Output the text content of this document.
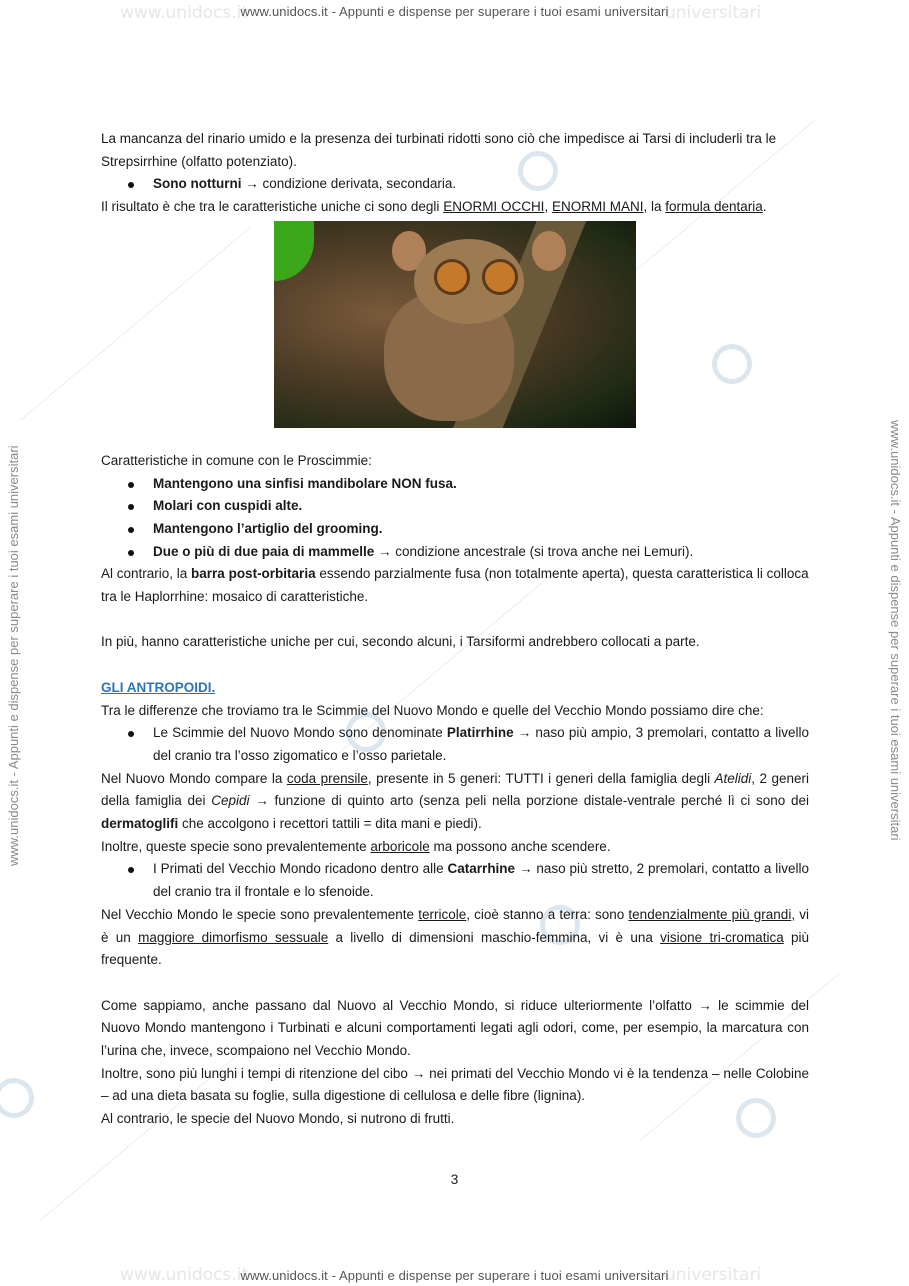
www.unidocs.it	universitari
www.unidocs.it - Appunti e dispense per superare i tuoi esami universitari
www.unidocs.it	universitari
www.unidocs.it - Appunti e dispense per superare i tuoi esami universitari
www.unidocs.it - Appunti e dispense per superare i tuoi esami universitari	www.unidocs.it - Appunti e dispense per superare i tuoi esami universitari

La mancanza del rinario umido e la presenza dei turbinati ridotti sono ciò che impedisce ai Tarsi di includerli tra le Strepsirrhine (olfatto potenziato).

Sono notturni → condizione derivata, secondaria.

Il risultato è che tra le caratteristiche uniche ci sono degli ENORMI OCCHI, ENORMI MANI, la formula dentaria.

Caratteristiche in comune con le Proscimmie:

Mantengono una sinfisi mandibolare NON fusa.

Molari con cuspidi alte.

Mantengono l’artiglio del grooming.

Due o più di due paia di mammelle → condizione ancestrale (si trova anche nei Lemuri).

Al contrario, la barra post-orbitaria essendo parzialmente fusa (non totalmente aperta), questa caratteristica li colloca tra le Haplorrhine: mosaico di caratteristiche.

In più, hanno caratteristiche uniche per cui, secondo alcuni, i Tarsiformi andrebbero collocati a parte.

GLI ANTROPOIDI.

Tra le differenze che troviamo tra le Scimmie del Nuovo Mondo e quelle del Vecchio Mondo possiamo dire che:

Le Scimmie del Nuovo Mondo sono denominate Platirrhine → naso più ampio, 3 premolari, contatto a livello del cranio tra l’osso zigomatico e l’osso parietale.

Nel Nuovo Mondo compare la coda prensile, presente in 5 generi: TUTTI i generi della famiglia degli Atelidi, 2 generi della famiglia dei Cepidi → funzione di quinto arto (senza peli nella porzione distale-ventrale perché lì ci sono dei dermatoglifi che accolgono i recettori tattili = dita mani e piedi).

Inoltre, queste specie sono prevalentemente arboricole ma possono anche scendere.

I Primati del Vecchio Mondo ricadono dentro alle Catarrhine → naso più stretto, 2 premolari, contatto a livello del cranio tra il frontale e lo sfenoide.

Nel Vecchio Mondo le specie sono prevalentemente terricole, cioè stanno a terra: sono tendenzialmente più grandi, vi è un maggiore dimorfismo sessuale a livello di dimensioni maschio-femmina, vi è una visione tri-cromatica più frequente.

Come sappiamo, anche passano dal Nuovo al Vecchio Mondo, si riduce ulteriormente l’olfatto → le scimmie del Nuovo Mondo mantengono i Turbinati e alcuni comportamenti legati agli odori, come, per esempio, la marcatura con l’urina che, invece, scompaiono nel Vecchio Mondo.

Inoltre, sono più lunghi i tempi di ritenzione del cibo → nei primati del Vecchio Mondo vi è la tendenza – nelle Colobine – ad una dieta basata su foglie, sulla digestione di cellulosa e delle fibre (lignina).

Al contrario, le specie del Nuovo Mondo, si nutrono di frutti.

3
